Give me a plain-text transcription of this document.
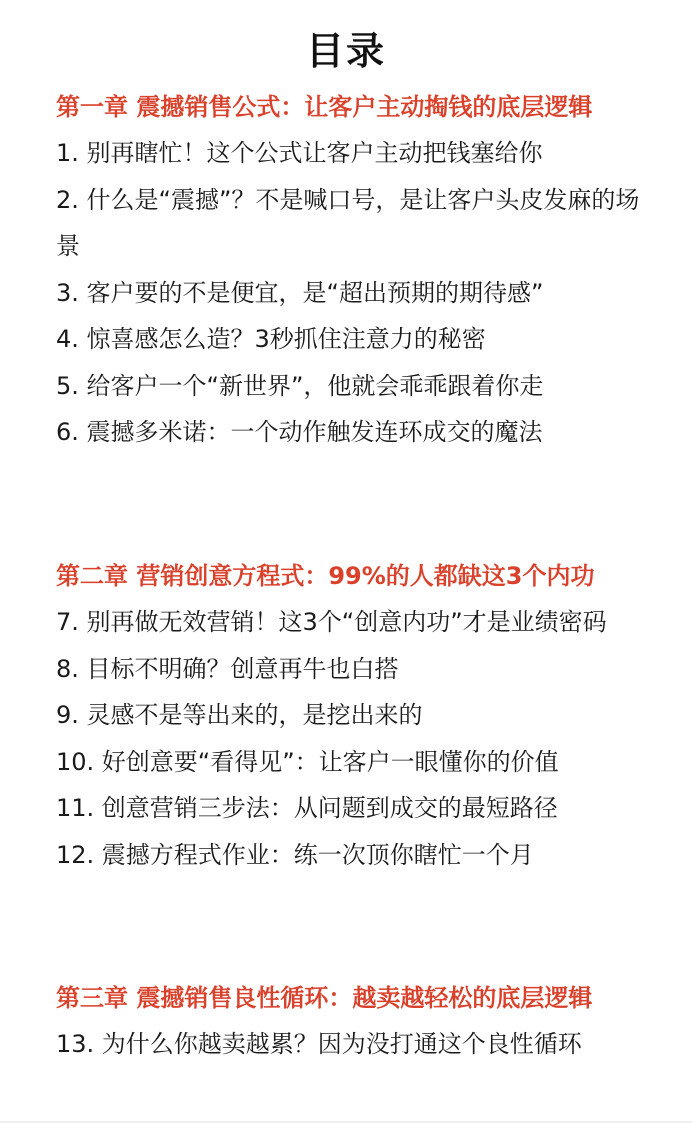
目录
第一章 震撼销售公式：让客户主动掏钱的底层逻辑
1. 别再瞎忙！这个公式让客户主动把钱塞给你
2. 什么是“震撼”？不是喊口号，是让客户头皮发麻的场景
3. 客户要的不是便宜，是“超出预期的期待感”
4. 惊喜感怎么造？3秒抓住注意力的秘密
5. 给客户一个“新世界”，他就会乖乖跟着你走
6. 震撼多米诺：一个动作触发连环成交的魔法
第二章 营销创意方程式：99%的人都缺这3个内功
7. 别再做无效营销！这3个“创意内功”才是业绩密码
8. 目标不明确？创意再牛也白搭
9. 灵感不是等出来的，是挖出来的
10. 好创意要“看得见”：让客户一眼懂你的价值
11. 创意营销三步法：从问题到成交的最短路径
12. 震撼方程式作业：练一次顶你瞎忙一个月
第三章 震撼销售良性循环：越卖越轻松的底层逻辑
13. 为什么你越卖越累？因为没打通这个良性循环
